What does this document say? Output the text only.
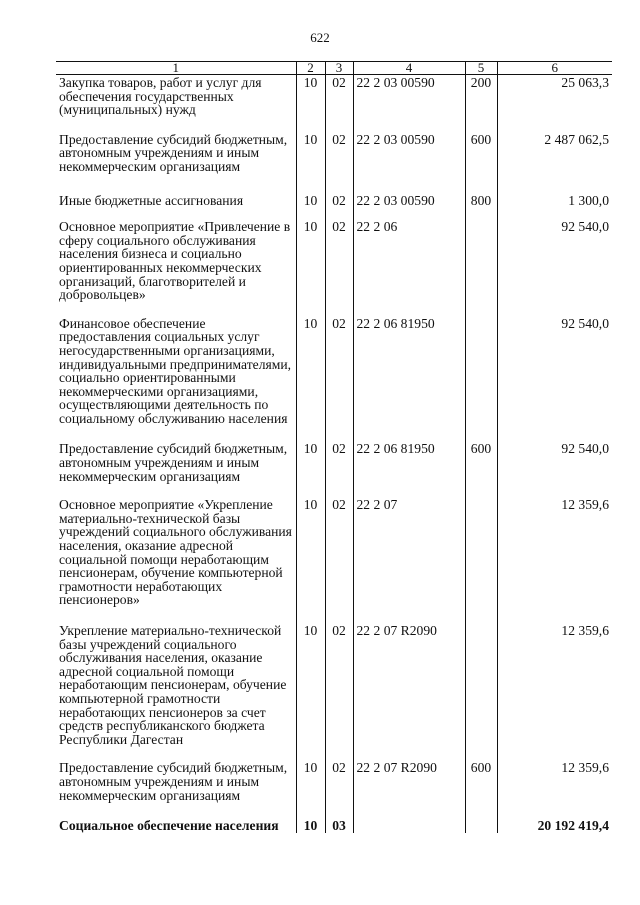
622
1	2	3	4	5	6
Закупка товаров, работ и услуг для обеспечения государственных (муниципальных) нужд	10	02	22 2 03 00590	200	25 063,3
Предоставление субсидий бюджетным, автономным учреждениям и иным некоммерческим организациям	10	02	22 2 03 00590	600	2 487 062,5
Иные бюджетные ассигнования	10	02	22 2 03 00590	800	1 300,0
Основное мероприятие «Привлечение в сферу социального обслуживания населения бизнеса и социально ориентированных некоммерческих организаций, благотворителей и добровольцев»	10	02	22 2 06		92 540,0
Финансовое обеспечение предоставления социальных услуг негосударственными организациями, индивидуальными предпринимателями, социально ориентированными некоммерческими организациями, осуществляющими деятельность по социальному обслуживанию населения	10	02	22 2 06 81950		92 540,0
Предоставление субсидий бюджетным, автономным учреждениям и иным некоммерческим организациям	10	02	22 2 06 81950	600	92 540,0
Основное мероприятие «Укрепление материально-технической базы учреждений социального обслуживания населения, оказание адресной социальной помощи неработающим пенсионерам, обучение компьютерной грамотности неработающих пенсионеров»	10	02	22 2 07		12 359,6
Укрепление материально-технической базы учреждений социального обслуживания населения, оказание адресной социальной помощи неработающим пенсионерам, обучение компьютерной грамотности неработающих пенсионеров за счет средств республиканского бюджета Республики Дагестан	10	02	22 2 07 R2090		12 359,6
Предоставление субсидий бюджетным, автономным учреждениям и иным некоммерческим организациям	10	02	22 2 07 R2090	600	12 359,6
Социальное обеспечение населения	10	03			20 192 419,4
